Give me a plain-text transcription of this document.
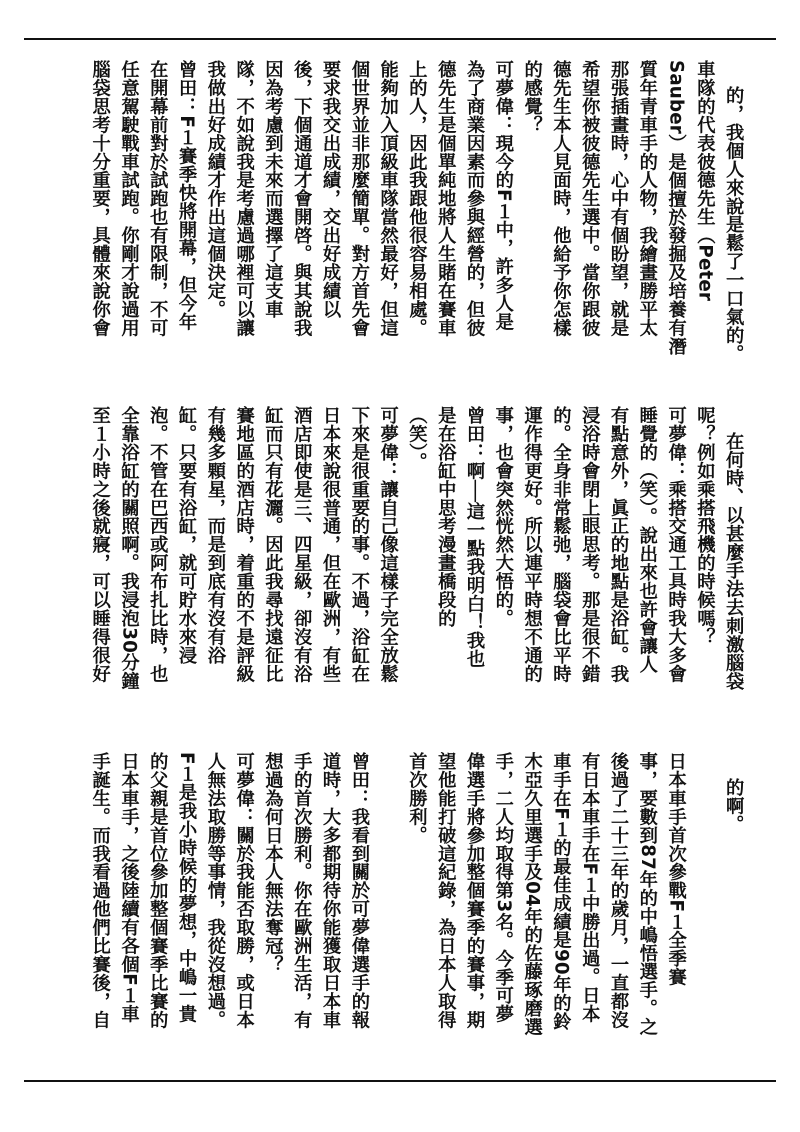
的，我個人來說是鬆了一口氣的。
車隊的代表彼德先生（Peter
Sauber）是個擅於發掘及培養有潛
質年青車手的人物，我繪畫勝平太
那張插畫時，心中有個盼望，就是
希望你被彼德先生選中。當你跟彼
德先生本人見面時，他給予你怎樣
的感覺？
可夢偉：現今的F１中，許多人是
為了商業因素而參與經營的，但彼
德先生是個單純地將人生賭在賽車
上的人，因此我跟他很容易相處。
能夠加入頂級車隊當然最好，但這
個世界並非那麼簡單。對方首先會
要求我交出成績，交出好成績以
後，下個通道才會開啓。與其說我
因為考慮到未來而選擇了這支車
隊，不如說我是考慮過哪裡可以讓
我做出好成績才作出這個決定。
曾田：F１賽季快將開幕，但今年
在開幕前對於試跑也有限制，不可
任意駕駛戰車試跑。你剛才說過用
腦袋思考十分重要，具體來說你會

在何時、以甚麼手法去刺激腦袋
呢？例如乘搭飛機的時候嗎？
可夢偉：乘搭交通工具時我大多會
睡覺的（笑）。說出來也許會讓人
有點意外，眞正的地點是浴缸。我
浸浴時會閉上眼思考。那是很不錯
的。全身非常鬆弛，腦袋會比平時
運作得更好。所以連平時想不通的
事，也會突然恍然大悟的。
曾田：啊──這一點我明白！我也
是在浴缸中思考漫畫橋段的
（笑）。
可夢偉：讓自己像這樣子完全放鬆
下來是很重要的事。不過，浴缸在
日本來說很普通，但在歐洲，有些
酒店即使是三、四星級，卻沒有浴
缸而只有花灑。因此我尋找遠征比
賽地區的酒店時，着重的不是評級
有幾多顆星，而是到底有沒有浴
缸。只要有浴缸，就可貯水來浸
泡。不管在巴西或阿布扎比時，也
全靠浴缸的關照啊。我浸泡30分鐘
至１小時之後就寢，可以睡得很好

的啊。

日本車手首次參戰F１全季賽
事，要數到87年的中嶋悟選手。之
後過了二十三年的歲月，一直都沒
有日本車手在F１中勝出過。日本
車手在F１的最佳成績是90年的鈴
木亞久里選手及04年的佐藤琢磨選
手，二人均取得第3名。今季可夢
偉選手將參加整個賽季的賽事，期
望他能打破這紀錄，為日本人取得
首次勝利。

曾田：我看到關於可夢偉選手的報
道時，大多都期待你能獲取日本車
手的首次勝利。你在歐洲生活，有
想過為何日本人無法奪冠？
可夢偉：關於我能否取勝，或日本
人無法取勝等事情，我從沒想過。
F１是我小時候的夢想，中嶋一貴
的父親是首位參加整個賽季比賽的
日本車手，之後陸續有各個F１車
手誕生。而我看過他們比賽後，自
